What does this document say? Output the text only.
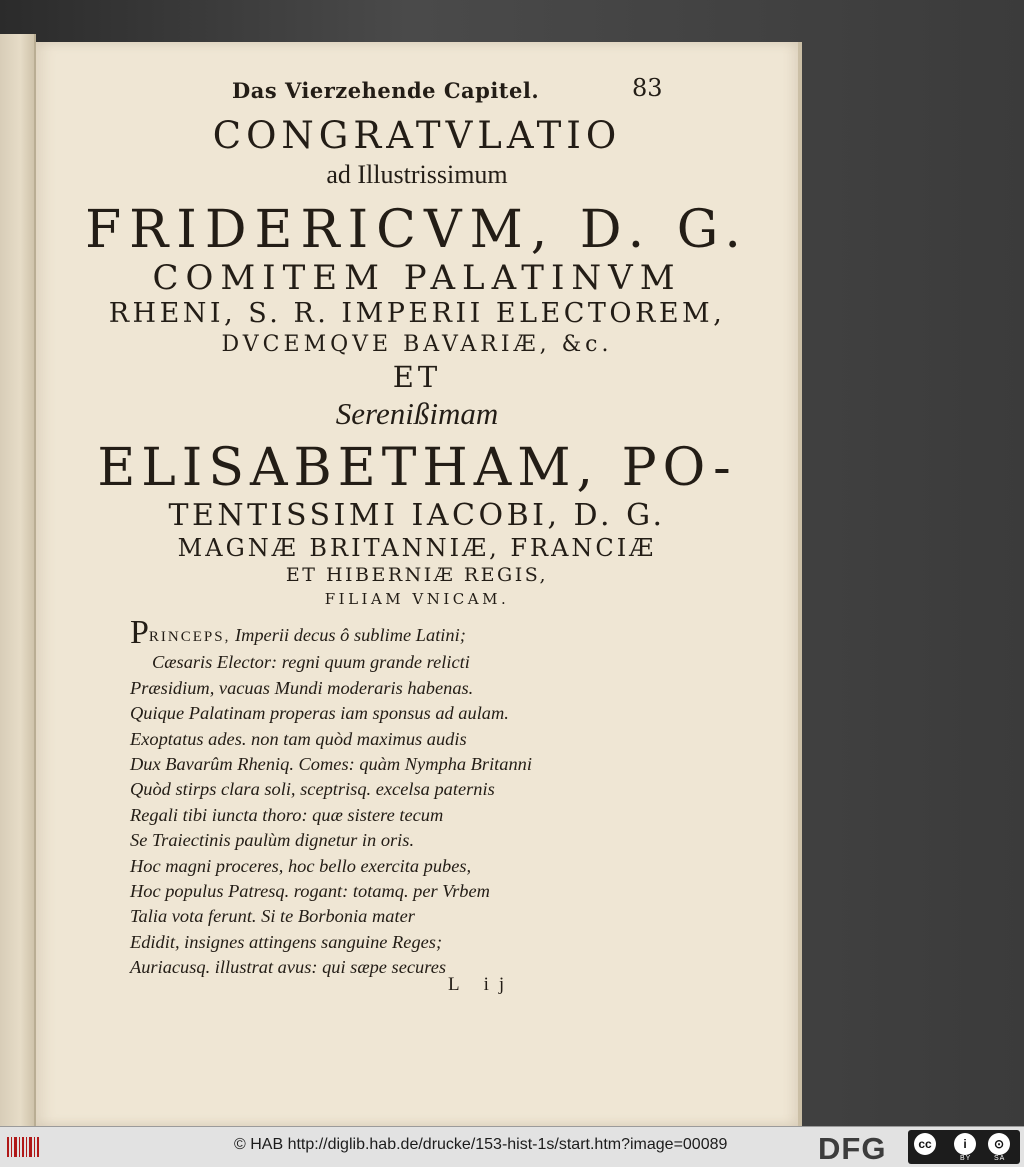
Das Vierzehende Capitel.	83
CONGRATVLATIO
ad Illustrissimum
FRIDERICVM, D. G.
COMITEM PALATINVM
RHENI, S. R. IMPERII ELECTOREM,
DVCEMQVE BAVARIÆ, &c.
ET
Serenißimam
ELISABETHAM, PO-
TENTISSIMI IACOBI, D. G.
MAGNÆ BRITANNIÆ, FRANCIÆ
ET HIBERNIÆ REGIS,
FILIAM VNICAM.
PRINCEPS, Imperii decus ô sublime Latini;
Cæsaris Elector: regni quum grande relicti
Præsidium, vacuas Mundi moderaris habenas.
Quique Palatinam properas iam sponsus ad aulam.
Exoptatus ades. non tam quòd maximus audis
Dux Bavarûm Rheniq. Comes: quàm Nympha Britanni
Quòd stirps clara soli, sceptrisq. excelsa paternis
Regali tibi iuncta thoro: quæ sistere tecum
Se Traiectinis paulùm dignetur in oris.
Hoc magni proceres, hoc bello exercita pubes,
Hoc populus Patresq. rogant: totamq. per Vrbem
Talia vota ferunt. Si te Borbonia mater
Edidit, insignes attingens sanguine Reges;
Auriacusq. illustrat avus: qui sæpe secures
L ij
© HAB http://diglib.hab.de/drucke/153-hist-1s/start.htm?image=00089	DFG	cc	i	⊙
BY	SA
